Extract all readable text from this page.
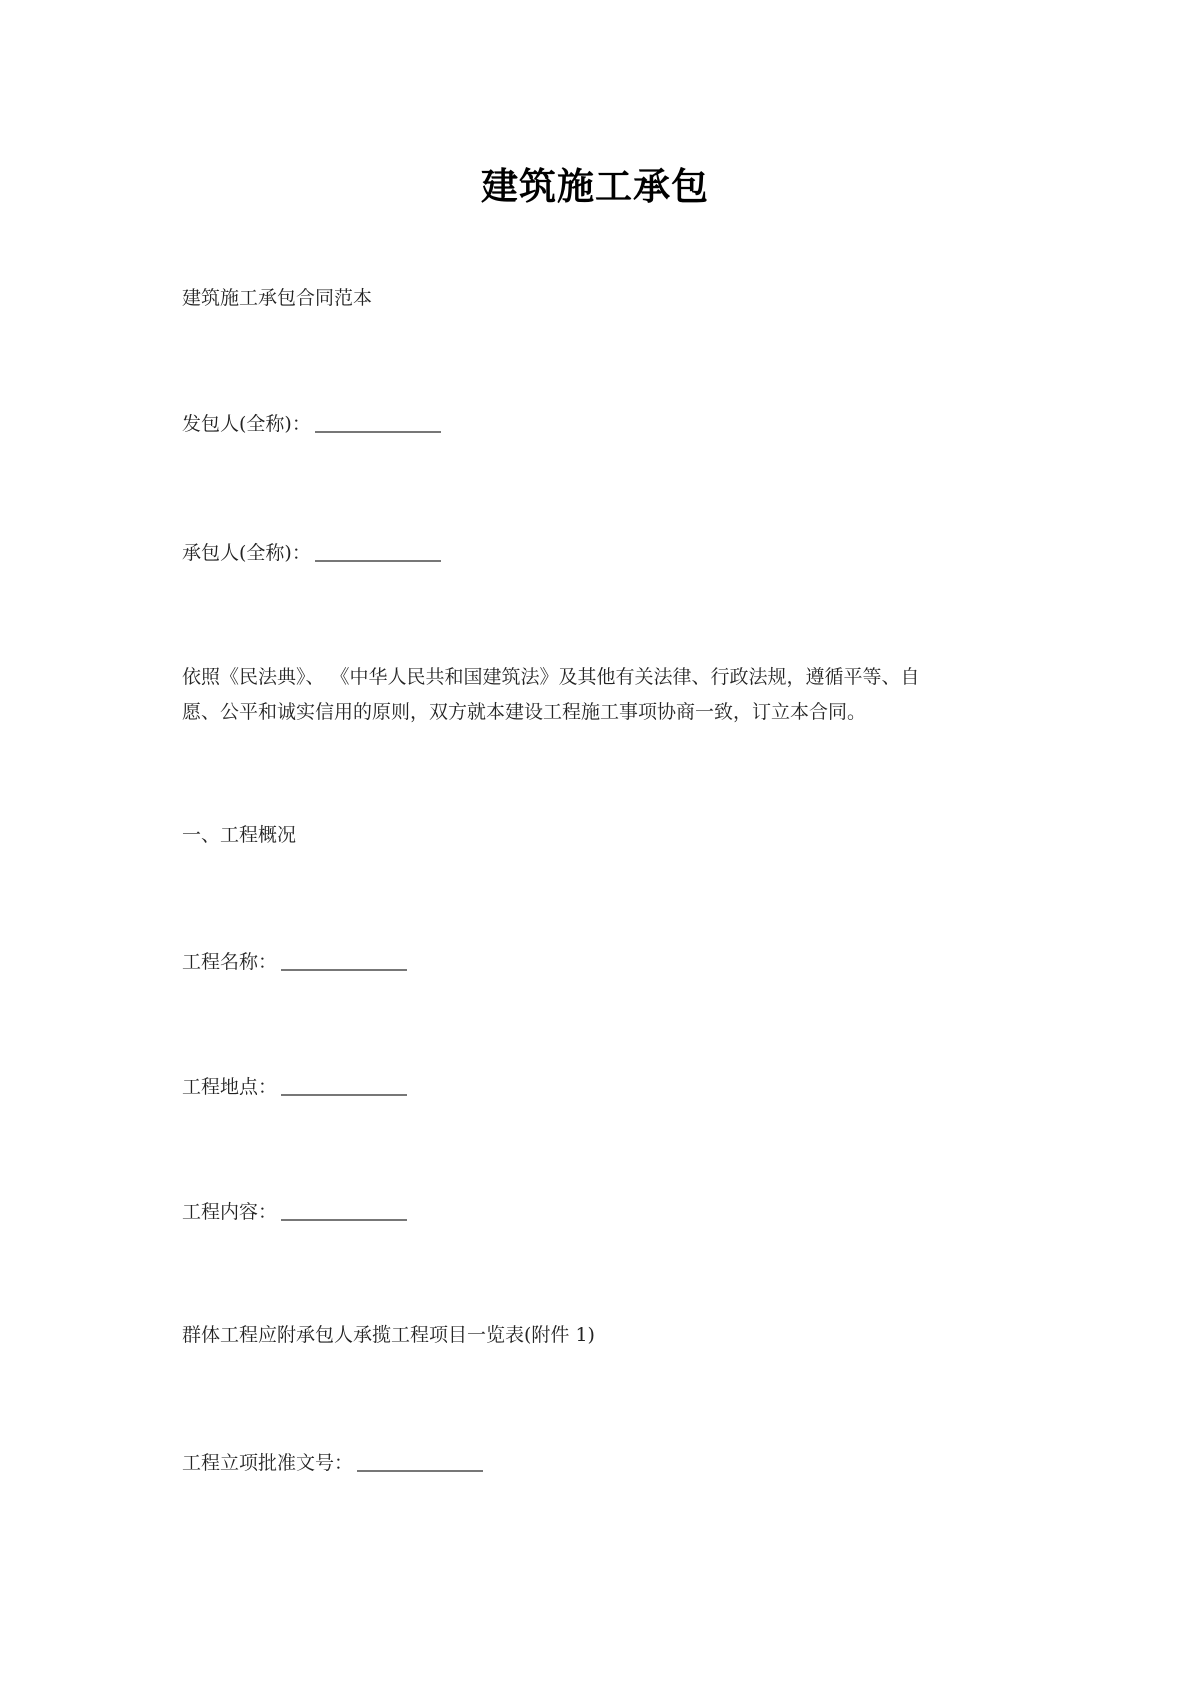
建筑施工承包
建筑施工承包合同范本
发包人(全称)：
承包人(全称)：
依照《民法典》、 《中华人民共和国建筑法》及其他有关法律、行政法规，遵循平等、自
愿、公平和诚实信用的原则，双方就本建设工程施工事项协商一致，订立本合同。
一、工程概况
工程名称：
工程地点：
工程内容：
群体工程应附承包人承揽工程项目一览表(附件 1)
工程立项批准文号：
